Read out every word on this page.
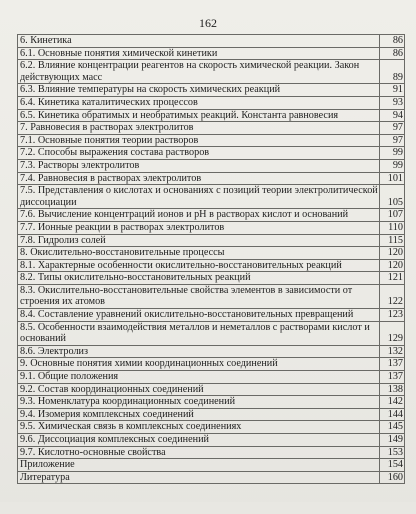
162
6. Кинетика	86
6.1. Основные понятия химической кинетики	86
6.2. Влияние концентрации реагентов на скорость химической реакции. Закон действующих масс	89
6.3. Влияние температуры на скорость химических реакций	91
6.4. Кинетика каталитических процессов	93
6.5. Кинетика обратимых и необратимых реакций. Константа равновесия	94
7. Равновесия в растворах электролитов	97
7.1. Основные понятия теории растворов	97
7.2. Способы выражения состава растворов	99
7.3. Растворы электролитов	99
7.4. Равновесия в растворах электролитов	101
7.5. Представления о кислотах и основаниях с позиций теории электролитической диссоциации	105
7.6. Вычисление концентраций ионов и pH в растворах кислот и оснований	107
7.7. Ионные реакции в растворах электролитов	110
7.8. Гидролиз солей	115
8. Окислительно-восстановительные процессы	120
8.1. Характерные особенности окислительно-восстановительных реакций	120
8.2. Типы окислительно-восстановительных реакций	121
8.3. Окислительно-восстановительные свойства элементов в зависимости от строения их атомов	122
8.4. Составление уравнений окислительно-восстановительных превращений	123
8.5. Особенности взаимодействия металлов и неметаллов с растворами кислот и оснований	129
8.6. Электролиз	132
9. Основные понятия химии координационных соединений	137
9.1. Общие положения	137
9.2. Состав координационных соединений	138
9.3. Номенклатура координационных соединений	142
9.4. Изомерия комплексных соединений	144
9.5. Химическая связь в комплексных соединениях	145
9.6. Диссоциация комплексных соединений	149
9.7. Кислотно-основные свойства	153
Приложение	154
Литература	160
